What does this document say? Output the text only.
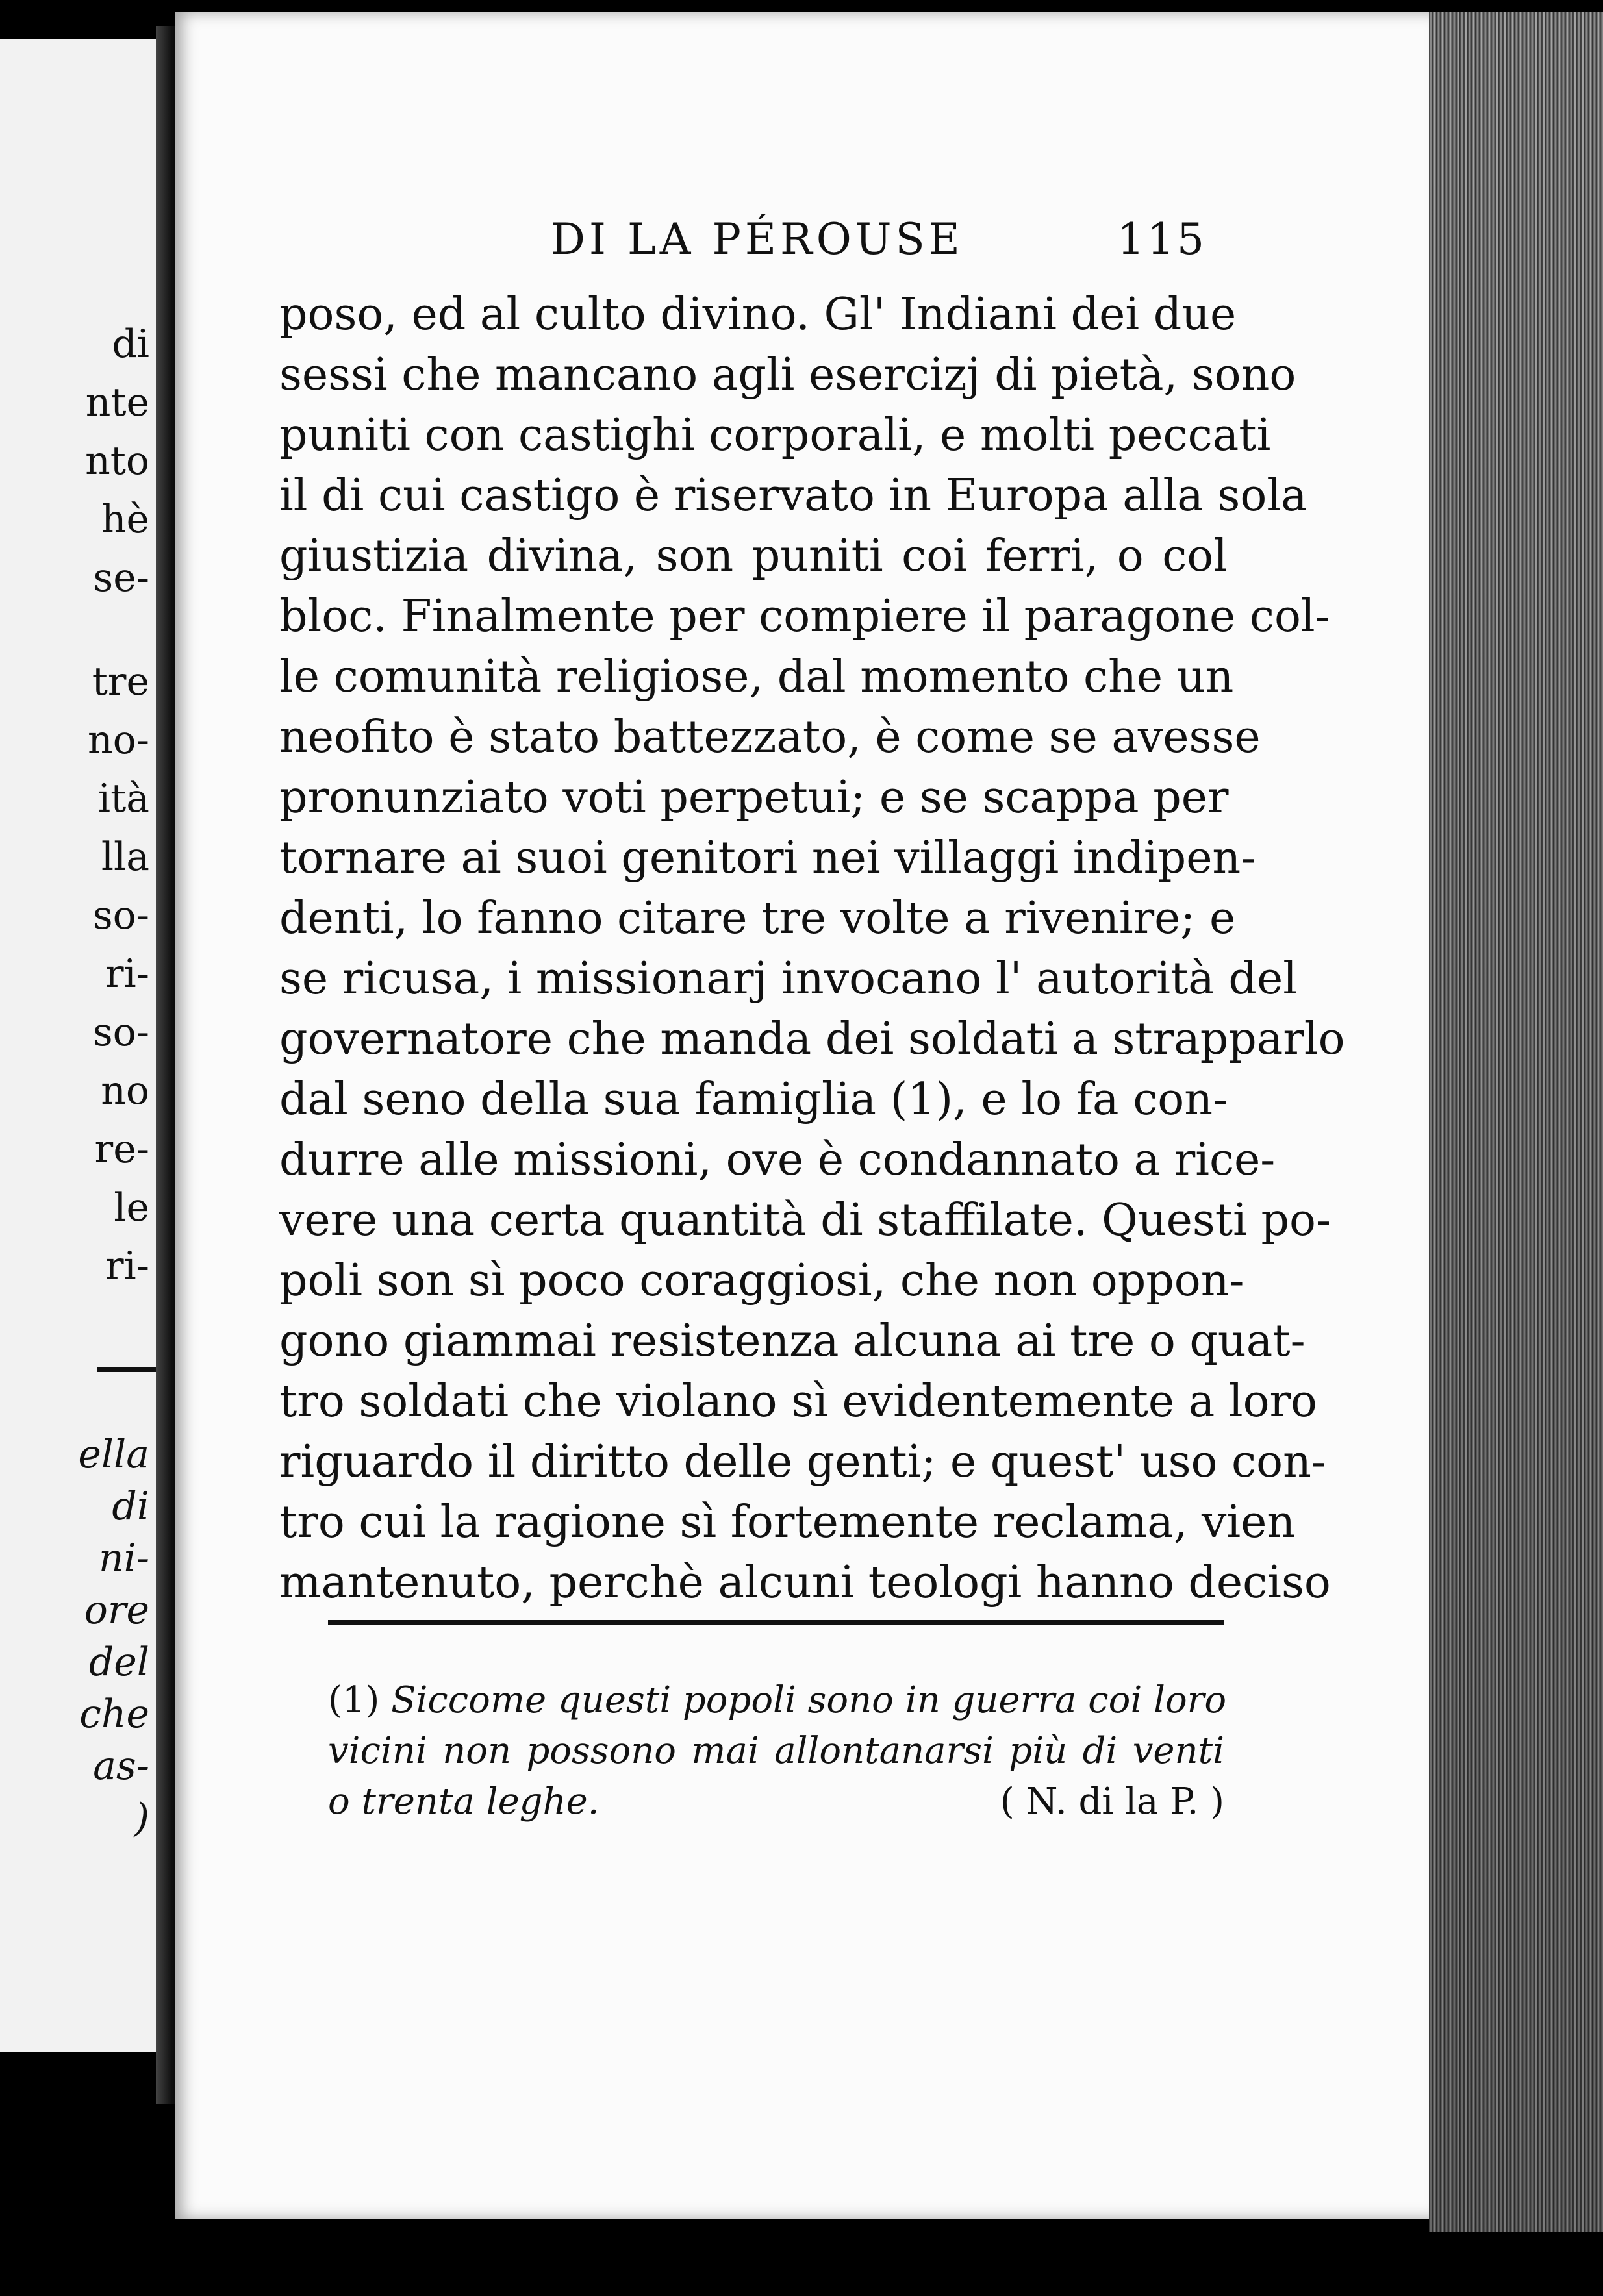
di
nte
nto
hè
se-
tre
no-
ità
lla
so-
ri-
so-
no
re-
le
ri-
ella
di
ni-
ore
del
che
as-
)
DI LA PÉROUSE	115
poso, ed al culto divino. Gl' Indiani dei due
sessi che mancano agli esercizj di pietà, sono
puniti con castighi corporali, e molti peccati
il di cui castigo è riservato in Europa alla sola
giustizia divina, son puniti coi ferri, o col
bloc. Finalmente per compiere il paragone col-
le comunità religiose, dal momento che un
neofito è stato battezzato, è come se avesse
pronunziato voti perpetui; e se scappa per
tornare ai suoi genitori nei villaggi indipen-
denti, lo fanno citare tre volte a rivenire; e
se ricusa, i missionarj invocano l' autorità del
governatore che manda dei soldati a strapparlo
dal seno della sua famiglia (1), e lo fa con-
durre alle missioni, ove è condannato a rice-
vere una certa quantità di staffilate. Questi po-
poli son sì poco coraggiosi, che non oppon-
gono giammai resistenza alcuna ai tre o quat-
tro soldati che violano sì evidentemente a loro
riguardo il diritto delle genti; e quest' uso con-
tro cui la ragione sì fortemente reclama, vien
mantenuto, perchè alcuni teologi hanno deciso
(1) Siccome questi popoli sono in guerra coi loro
vicini non possono mai allontanarsi più di venti
o trenta leghe.	( N. di la P. )
